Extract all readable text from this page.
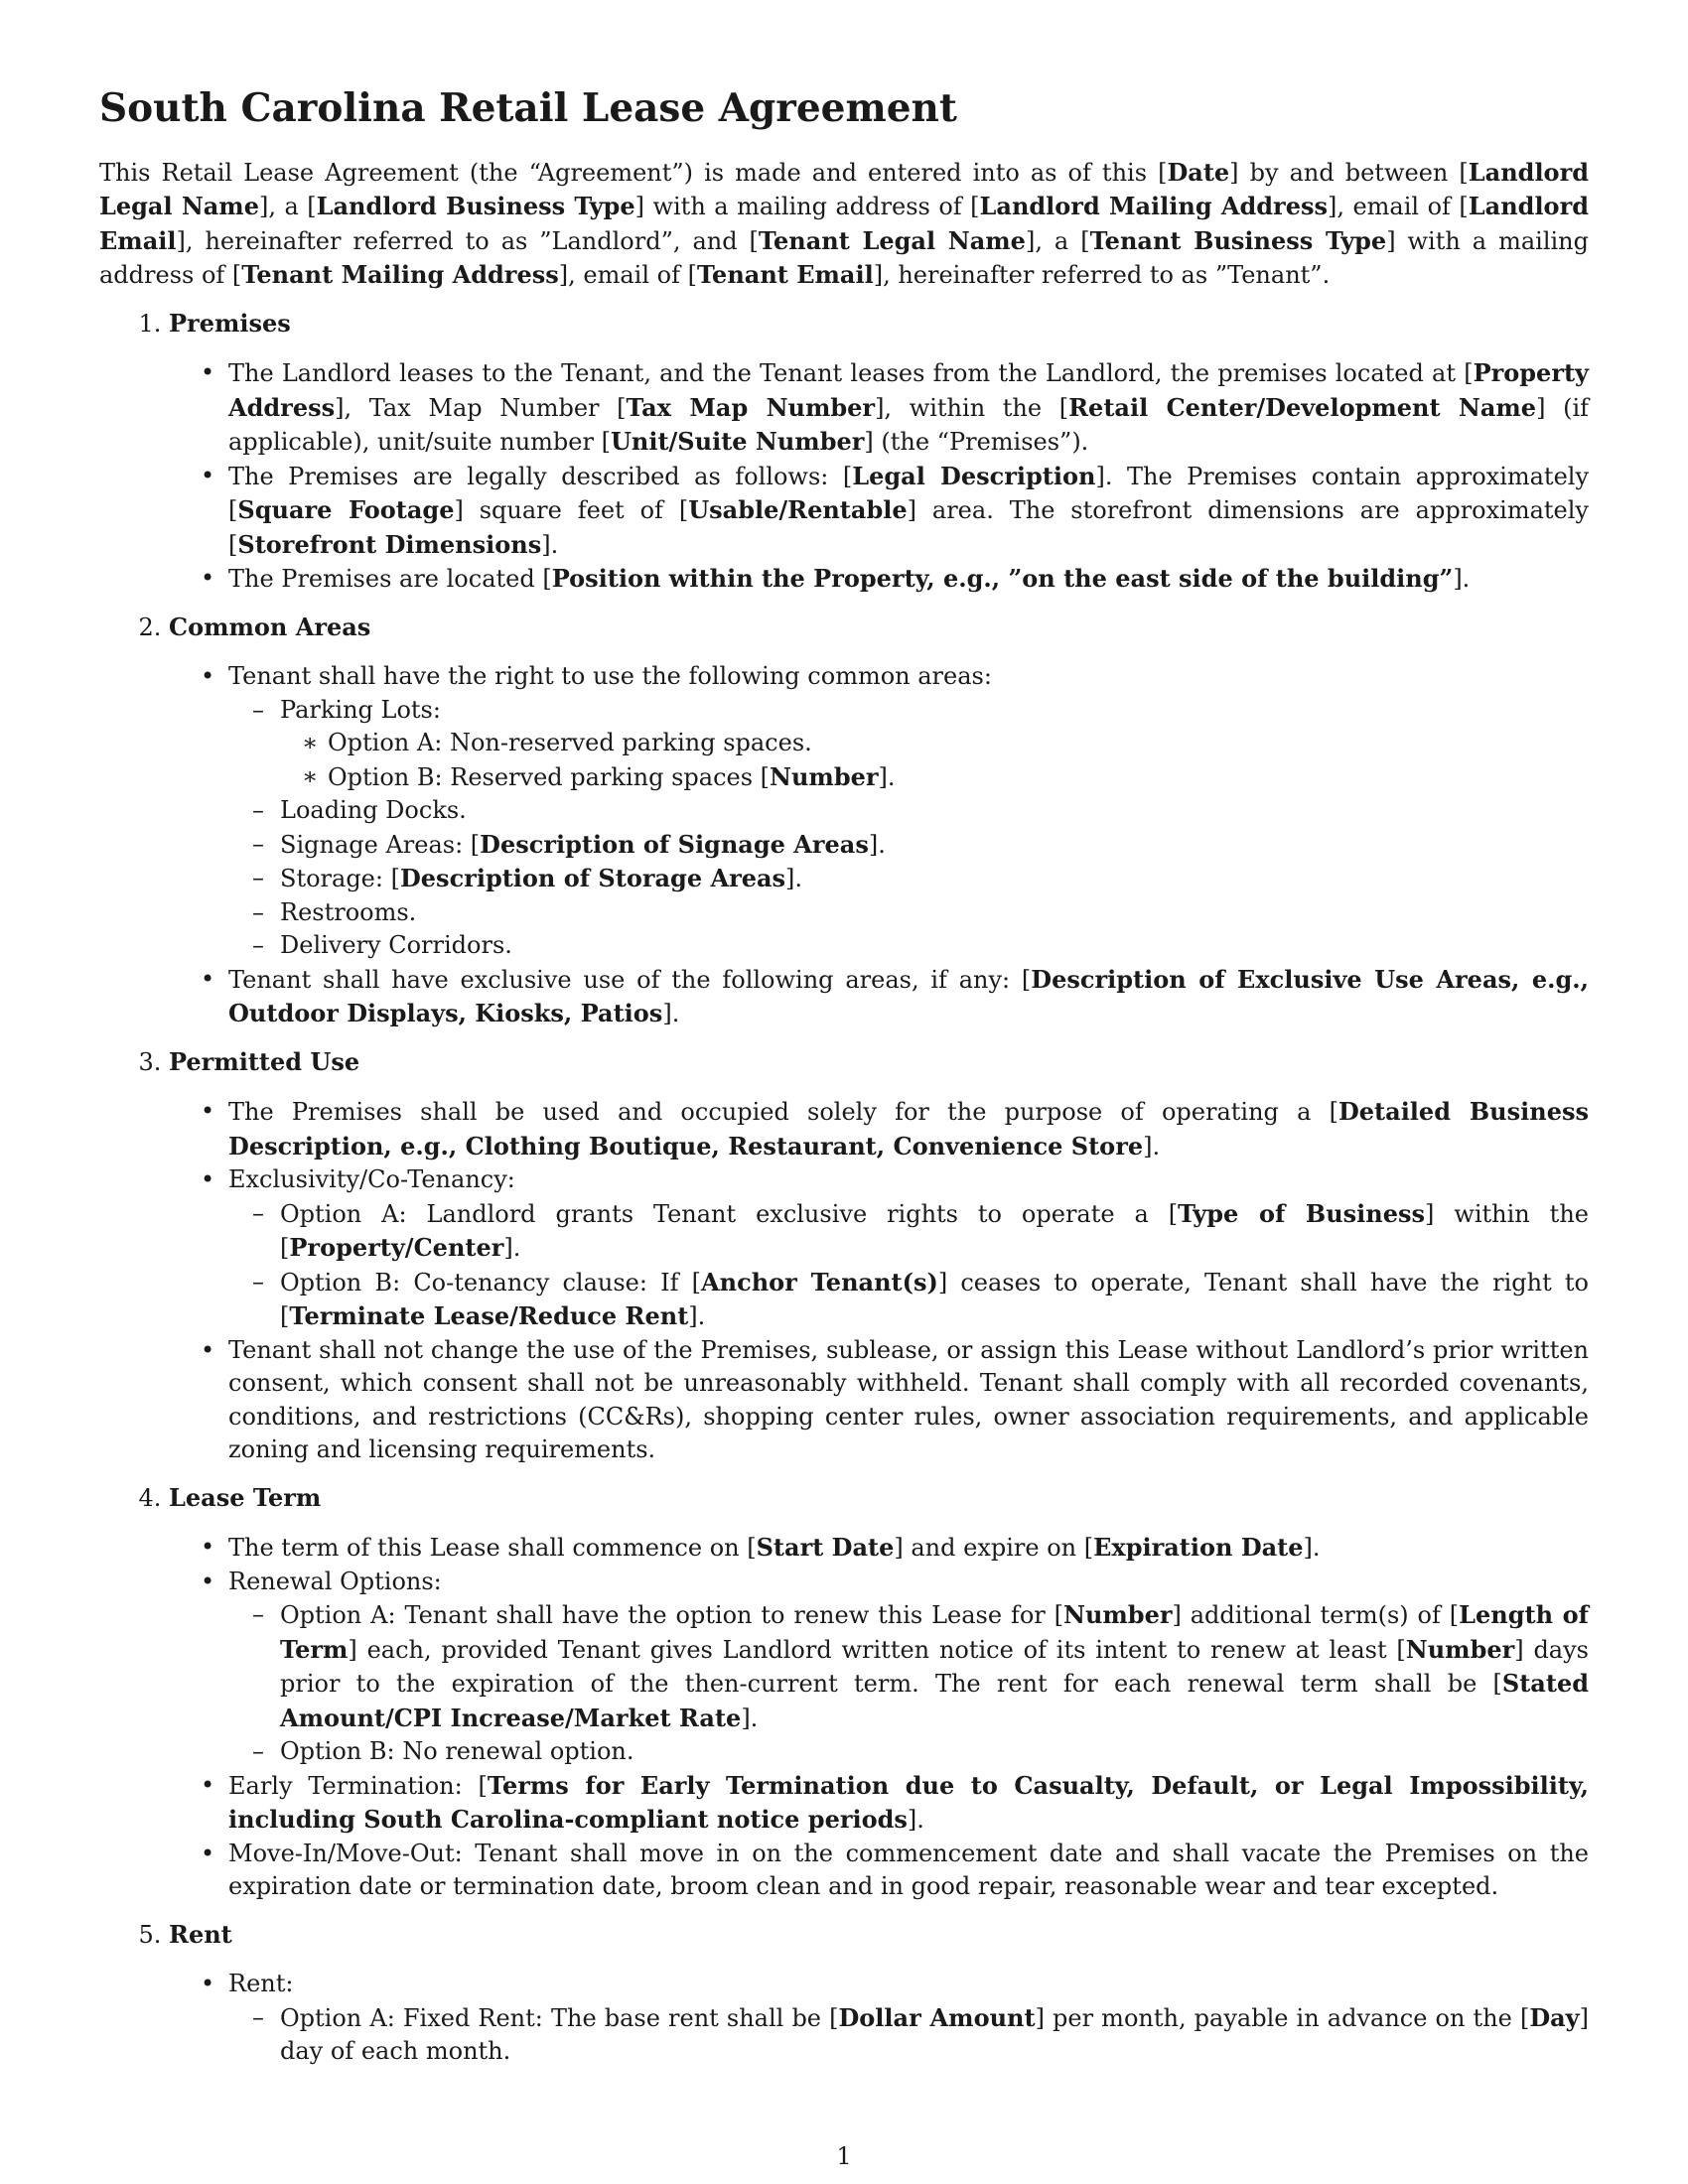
South Carolina Retail Lease Agreement

This Retail Lease Agreement (the “Agreement”) is made and entered into as of this [Date] by and between [Landlord Legal Name], a [Landlord Business Type] with a mailing address of [Landlord Mailing Address], email of [Landlord Email], hereinafter referred to as ”Landlord”, and [Tenant Legal Name], a [Tenant Business Type] with a mailing address of [Tenant Mailing Address], email of [Tenant Email], hereinafter referred to as ”Tenant”.

1. Premises
• The Landlord leases to the Tenant, and the Tenant leases from the Landlord, the premises located at [Property Address], Tax Map Number [Tax Map Number], within the [Retail Center/Development Name] (if applicable), unit/suite number [Unit/Suite Number] (the “Premises”).
• The Premises are legally described as follows: [Legal Description]. The Premises contain approximately [Square Footage] square feet of [Usable/Rentable] area. The storefront dimensions are approximately [Storefront Dimensions].
• The Premises are located [Position within the Property, e.g., ”on the east side of the building”].
2. Common Areas
• Tenant shall have the right to use the following common areas:
– Parking Lots:
∗ Option A: Non-reserved parking spaces.
∗ Option B: Reserved parking spaces [Number].
– Loading Docks.
– Signage Areas: [Description of Signage Areas].
– Storage: [Description of Storage Areas].
– Restrooms.
– Delivery Corridors.
• Tenant shall have exclusive use of the following areas, if any: [Description of Exclusive Use Areas, e.g., Outdoor Displays, Kiosks, Patios].
3. Permitted Use
• The Premises shall be used and occupied solely for the purpose of operating a [Detailed Business Description, e.g., Clothing Boutique, Restaurant, Convenience Store].
• Exclusivity/Co-Tenancy:
– Option A: Landlord grants Tenant exclusive rights to operate a [Type of Business] within the [Property/Center].
– Option B: Co-tenancy clause: If [Anchor Tenant(s)] ceases to operate, Tenant shall have the right to [Terminate Lease/Reduce Rent].
• Tenant shall not change the use of the Premises, sublease, or assign this Lease without Landlord’s prior written consent, which consent shall not be unreasonably withheld. Tenant shall comply with all recorded covenants, conditions, and restrictions (CC&Rs), shopping center rules, owner association requirements, and applicable zoning and licensing requirements.
4. Lease Term
• The term of this Lease shall commence on [Start Date] and expire on [Expiration Date].
• Renewal Options:
– Option A: Tenant shall have the option to renew this Lease for [Number] additional term(s) of [Length of Term] each, provided Tenant gives Landlord written notice of its intent to renew at least [Number] days prior to the expiration of the then-current term. The rent for each renewal term shall be [Stated Amount/CPI Increase/Market Rate].
– Option B: No renewal option.
• Early Termination: [Terms for Early Termination due to Casualty, Default, or Legal Impossibility, including South Carolina-compliant notice periods].
• Move-In/Move-Out: Tenant shall move in on the commencement date and shall vacate the Premises on the expiration date or termination date, broom clean and in good repair, reasonable wear and tear excepted.
5. Rent
• Rent:
– Option A: Fixed Rent: The base rent shall be [Dollar Amount] per month, payable in advance on the [Day] day of each month.
1
